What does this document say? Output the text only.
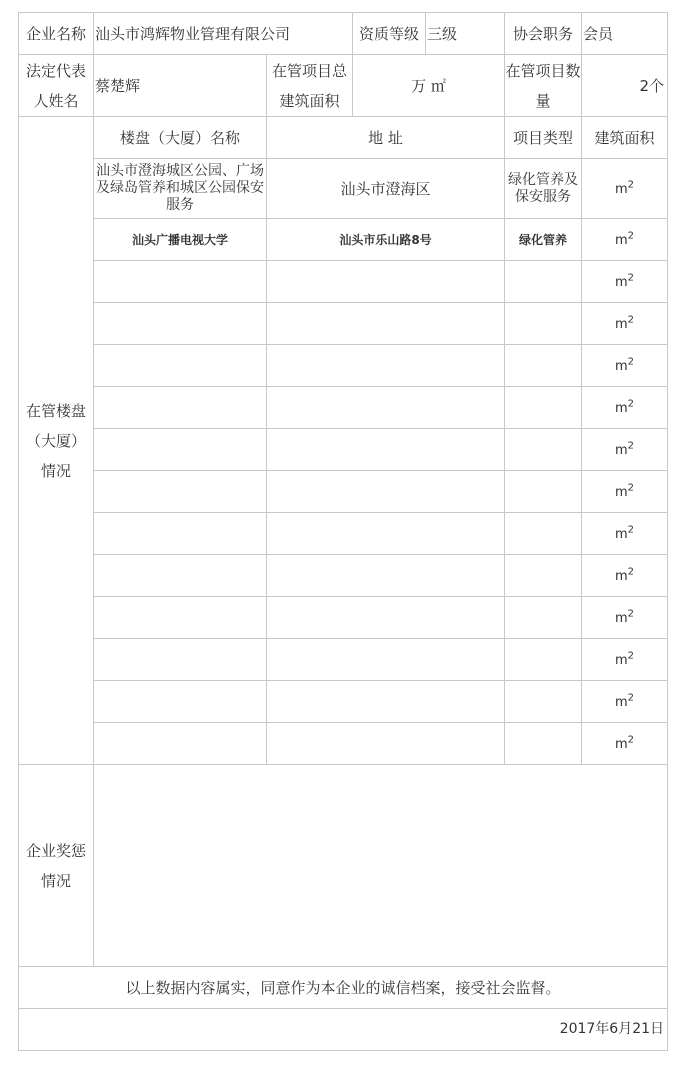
企业名称	汕头市鸿辉物业管理有限公司		资质等级	三级	协会职务	会员
法定代表人姓名	蔡楚辉	在管项目总建筑面积	万 ㎡		在管项目数量	2个
在管楼盘（大厦）情况	楼盘（大厦）名称	地 址			项目类型	建筑面积
	汕头市澄海城区公园、广场及绿岛管养和城区公园保安服务	汕头市澄海区			绿化管养及保安服务	$m^2$
	汕头广播电视大学	汕头市乐山路8号			绿化管养	$m^2$
						$m^2$
						$m^2$
						$m^2$
						$m^2$
						$m^2$
						$m^2$
						$m^2$
						$m^2$
						$m^2$
						$m^2$
						$m^2$
						$m^2$
企业奖惩情况						
以上数据内容属实，同意作为本企业的诚信档案，接受社会监督。						
2017年6月21日						
